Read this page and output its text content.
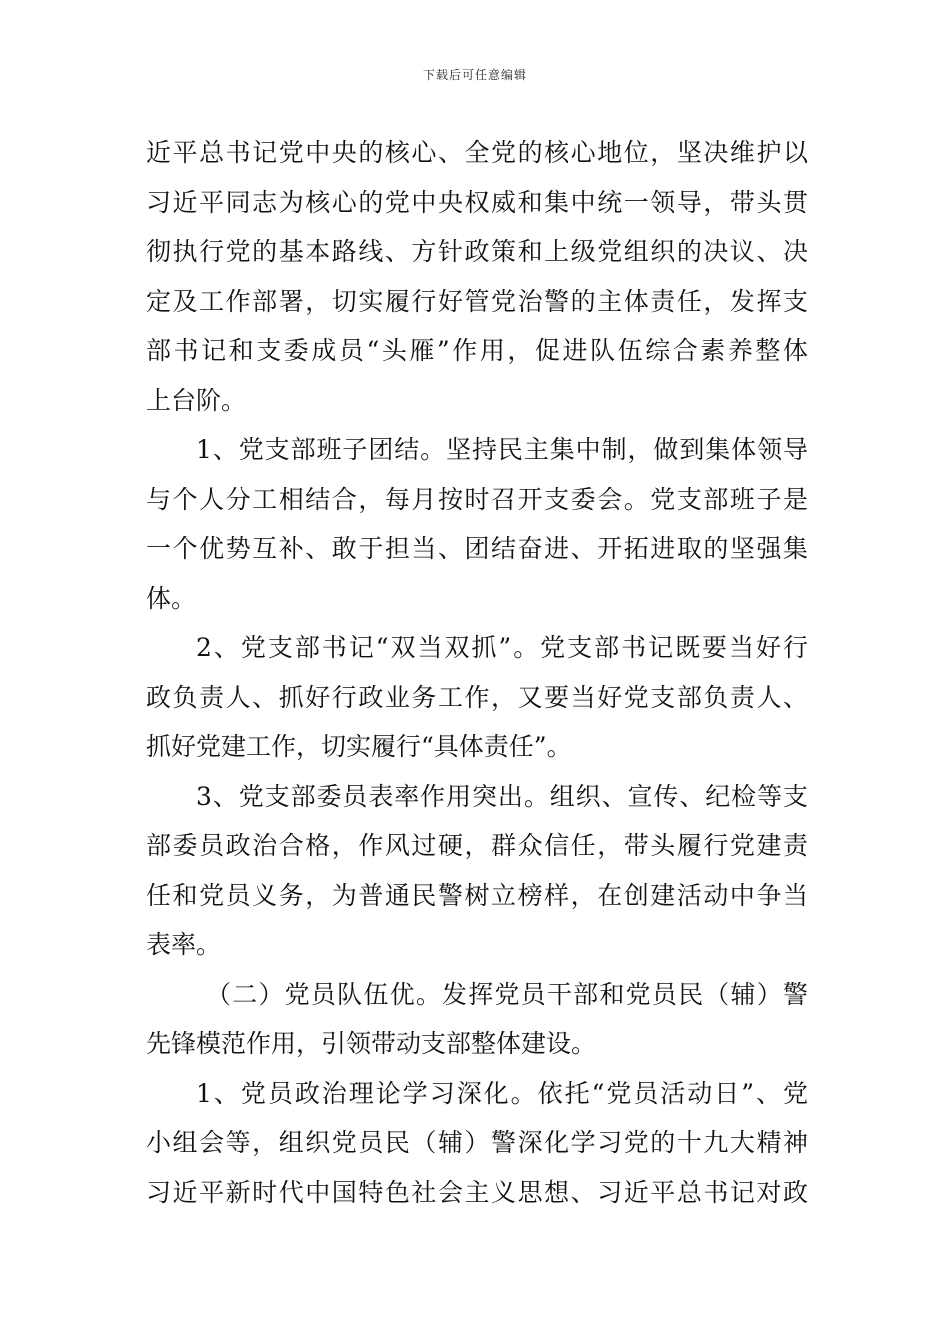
下载后可任意编辑
近平总书记党中央的核心、全党的核心地位，坚决维护以
习近平同志为核心的党中央权威和集中统一领导，带头贯
彻执行党的基本路线、方针政策和上级党组织的决议、决
定及工作部署，切实履行好管党治警的主体责任，发挥支
部书记和支委成员“头雁”作用，促进队伍综合素养整体
上台阶。
1、党支部班子团结。坚持民主集中制，做到集体领导
与个人分工相结合，每月按时召开支委会。党支部班子是
一个优势互补、敢于担当、团结奋进、开拓进取的坚强集
体。
2、党支部书记“双当双抓”。党支部书记既要当好行
政负责人、抓好行政业务工作，又要当好党支部负责人、
抓好党建工作，切实履行“具体责任”。
3、党支部委员表率作用突出。组织、宣传、纪检等支
部委员政治合格，作风过硬，群众信任，带头履行党建责
任和党员义务，为普通民警树立榜样，在创建活动中争当
表率。
（二）党员队伍优。发挥党员干部和党员民（辅）警
先锋模范作用，引领带动支部整体建设。
1、党员政治理论学习深化。依托“党员活动日”、党
小组会等，组织党员民（辅）警深化学习党的十九大精神
习近平新时代中国特色社会主义思想、习近平总书记对政
